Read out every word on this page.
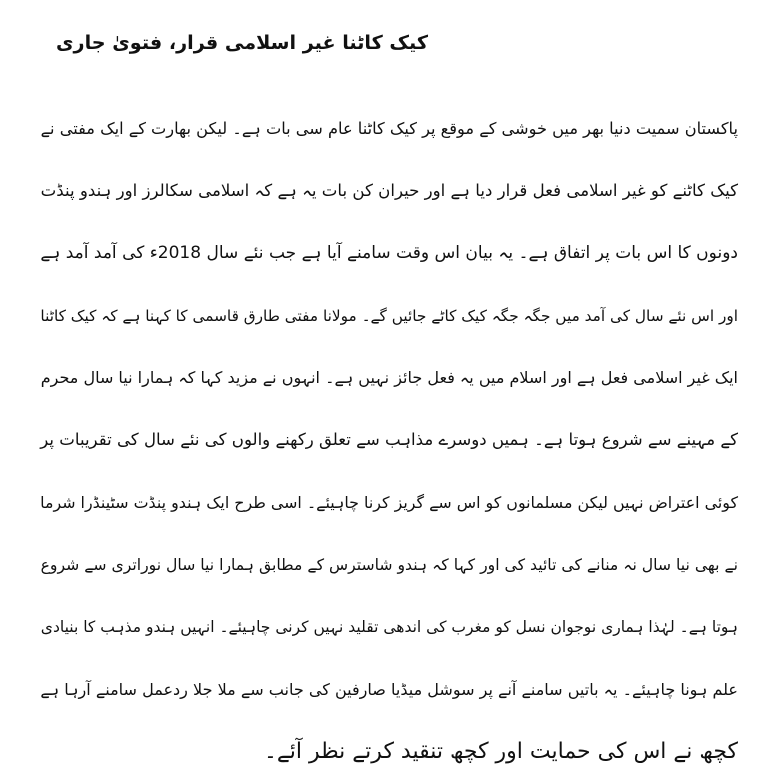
کیک کاٹنا غیر اسلامی قرار، فتویٰ جاری
پاکستان سمیت دنیا بھر میں خوشی کے موقع پر کیک کاٹنا عام سی بات ہے۔ لیکن بھارت کے ایک مفتی نے
کیک کاٹنے کو غیر اسلامی فعل قرار دیا ہے اور حیران کن بات یہ ہے کہ اسلامی سکالرز اور ہندو پنڈت
دونوں کا اس بات پر اتفاق ہے۔ یہ بیان اس وقت سامنے آیا ہے جب نئے سال 2018ء کی آمد آمد ہے
اور اس نئے سال کی آمد میں جگہ جگہ کیک کاٹے جائیں گے۔ مولانا مفتی طارق قاسمی کا کہنا ہے کہ کیک کاٹنا
ایک غیر اسلامی فعل ہے اور اسلام میں یہ فعل جائز نہیں ہے۔ انہوں نے مزید کہا کہ ہمارا نیا سال محرم
کے مہینے سے شروع ہوتا ہے۔ ہمیں دوسرے مذاہب سے تعلق رکھنے والوں کی نئے سال کی تقریبات پر
کوئی اعتراض نہیں لیکن مسلمانوں کو اس سے گریز کرنا چاہیئے۔ اسی طرح ایک ہندو پنڈت سٹینڈرا شرما
نے بھی نیا سال نہ منانے کی تائید کی اور کہا کہ ہندو شاسترس کے مطابق ہمارا نیا سال نوراتری سے شروع
ہوتا ہے۔ لہٰذا ہماری نوجوان نسل کو مغرب کی اندھی تقلید نہیں کرنی چاہیئے۔ انہیں ہندو مذہب کا بنیادی
علم ہونا چاہیئے۔ یہ باتیں سامنے آنے پر سوشل میڈیا صارفین کی جانب سے ملا جلا ردعمل سامنے آرہا ہے
کچھ نے اس کی حمایت اور کچھ تنقید کرتے نظر آئے۔
